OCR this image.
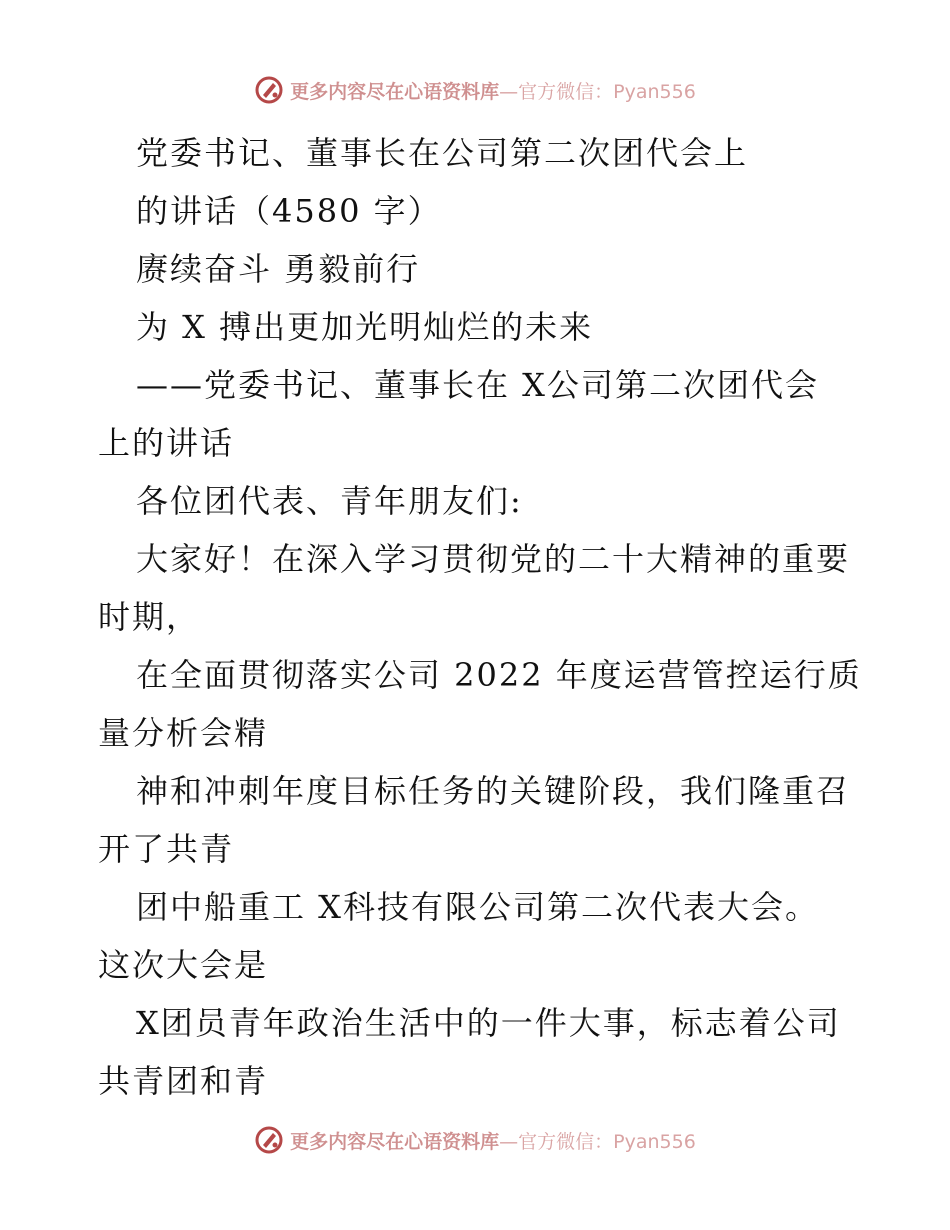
更多内容尽在心语资料库—官方微信：Pyan556
党委书记、董事长在公司第二次团代会上
的讲话（4580 字）
赓续奋斗 勇毅前行
为 X 搏出更加光明灿烂的未来
——党委书记、董事长在 X公司第二次团代会
上的讲话
各位团代表、青年朋友们:
大家好！在深入学习贯彻党的二十大精神的重要
时期，
在全面贯彻落实公司 2022 年度运营管控运行质
量分析会精
神和冲刺年度目标任务的关键阶段，我们隆重召
开了共青
团中船重工 X科技有限公司第二次代表大会。
这次大会是
X团员青年政治生活中的一件大事，标志着公司
共青团和青
更多内容尽在心语资料库—官方微信：Pyan556
